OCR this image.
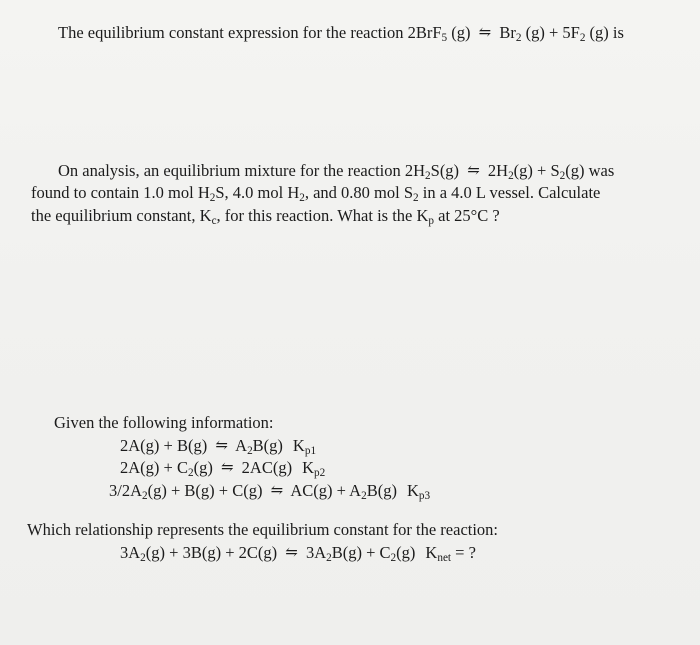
The equilibrium constant expression for the reaction 2BrF$_5$ (g) ⇋ $Br_2$ $(g) + 5F_2$ (g) is
On analysis, an equilibrium mixture for the reaction $2H_2S(g)$ ⇋ $2H_2(g) + S_2(g)$ was
found to contain 1.0 mol $H_2S$, 4.0 mol $H_2$, and 0.80 mol $S_2$ in a 4.0 L vessel. Calculate
the equilibrium constant, $K_c$, for this reaction. What is the $K_p$ at 25°C ?
Given the following information:
2A(g) + B(g) ⇋ $A_2B(g)$ $K_{p1}$
$2A(g) + C_2(g)$ ⇋ 2AC(g) $K_{p2}$
$3/2A_2(g) + B(g) + C(g)$ ⇋ $AC(g) + A_2B(g)$ $K_{p3}$
Which relationship represents the equilibrium constant for the reaction:
$3A_2(g) + 3B(g) + 2C(g)$ ⇋ $3A_2B(g) + C_2(g) K_{net}$ = ?
